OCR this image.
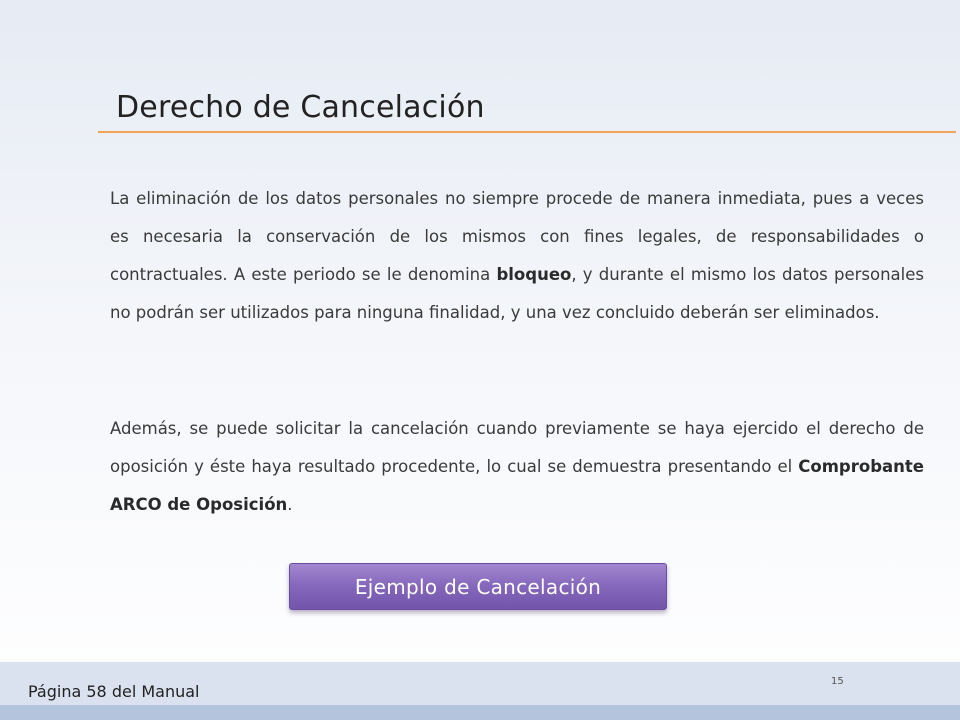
Derecho de Cancelación
La eliminación de los datos personales no siempre procede de manera inmediata, pues a veces es necesaria la conservación de los mismos con fines legales, de responsabilidades o contractuales. A este periodo se le denomina bloqueo, y durante el mismo los datos personales no podrán ser utilizados para ninguna finalidad, y una vez concluido deberán ser eliminados.
Además, se puede solicitar la cancelación cuando previamente se haya ejercido el derecho de oposición y éste haya resultado procedente, lo cual se demuestra presentando el Comprobante ARCO de Oposición.
Ejemplo de Cancelación
Página 58 del Manual
15
